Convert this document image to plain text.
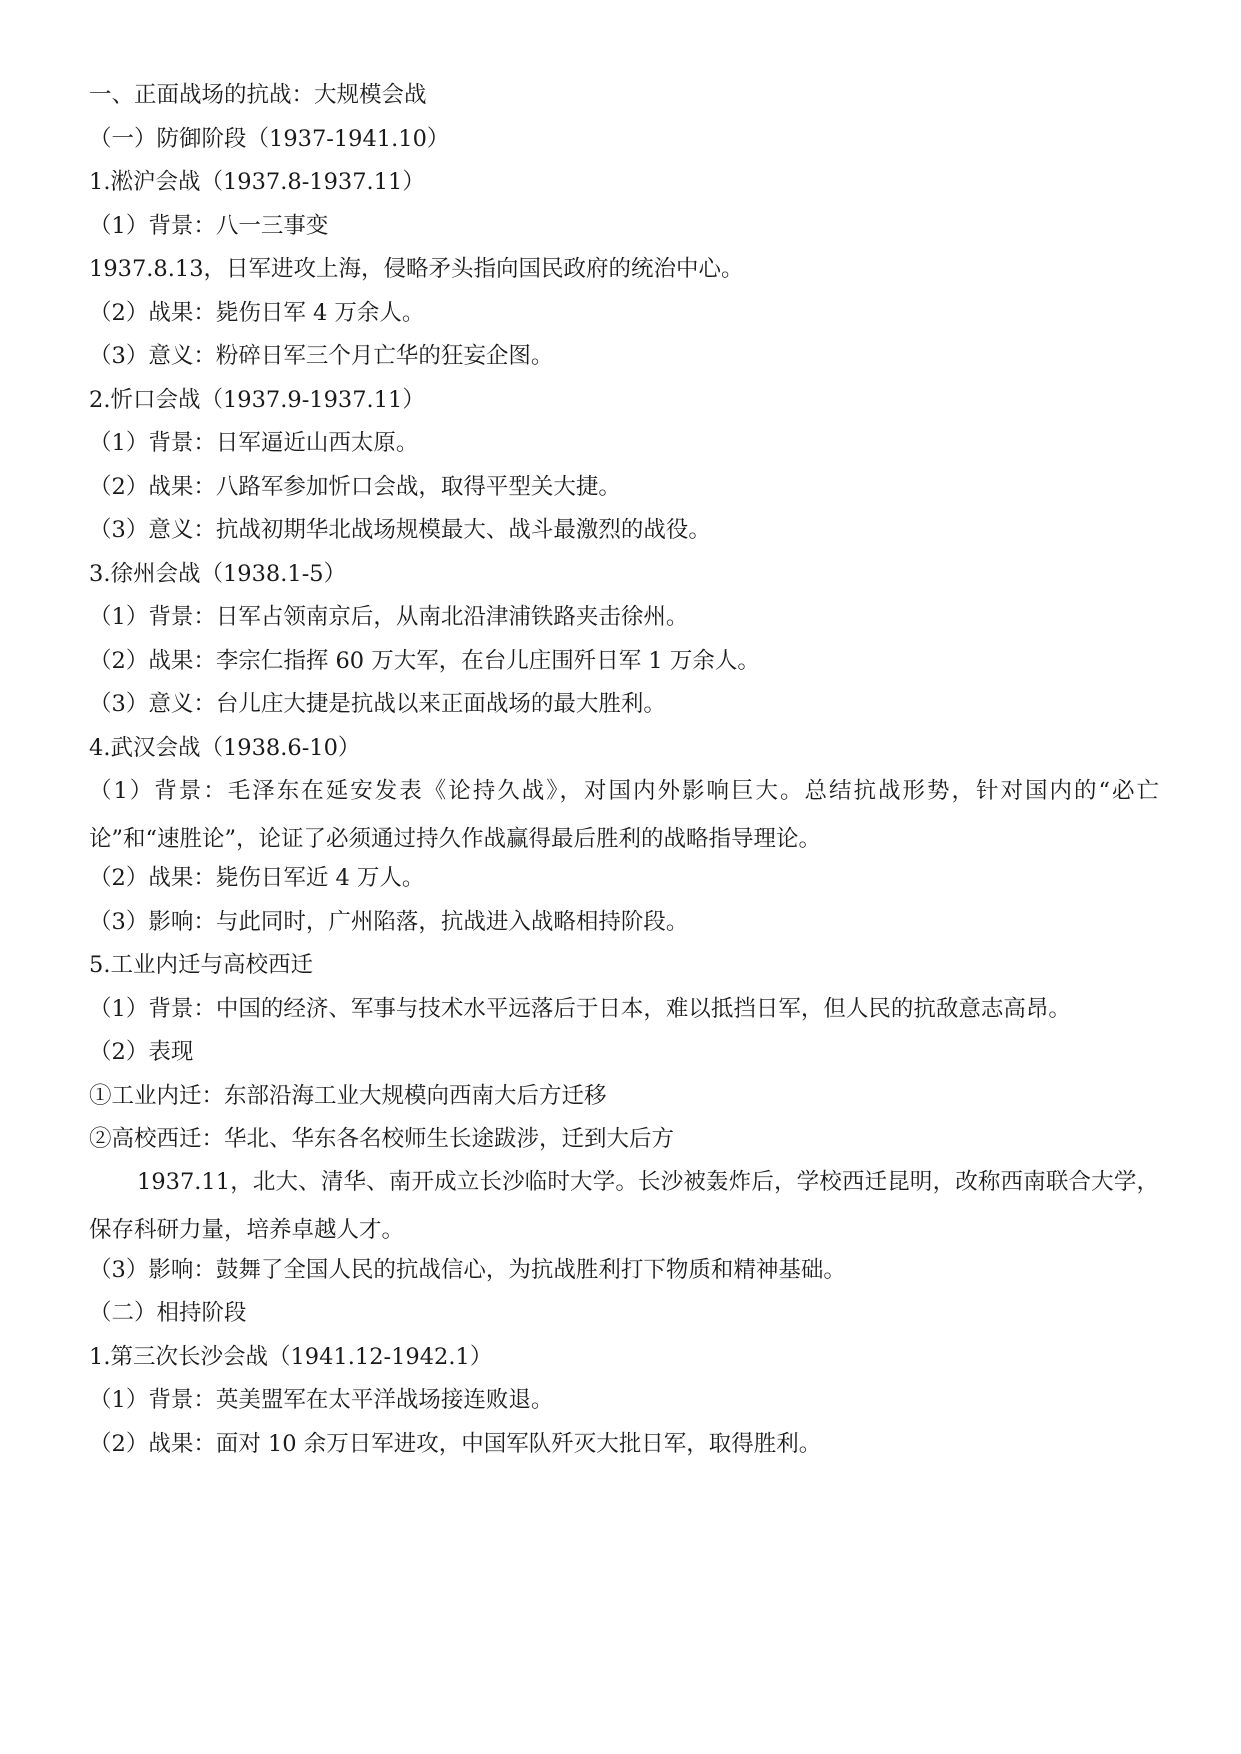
一、正面战场的抗战：大规模会战
（一）防御阶段（1937-1941.10）
1.淞沪会战（1937.8-1937.11）
（1）背景：八一三事变
1937.8.13，日军进攻上海，侵略矛头指向国民政府的统治中心。
（2）战果：毙伤日军 4 万余人。
（3）意义：粉碎日军三个月亡华的狂妄企图。
2.忻口会战（1937.9-1937.11）
（1）背景：日军逼近山西太原。
（2）战果：八路军参加忻口会战，取得平型关大捷。
（3）意义：抗战初期华北战场规模最大、战斗最激烈的战役。
3.徐州会战（1938.1-5）
（1）背景：日军占领南京后，从南北沿津浦铁路夹击徐州。
（2）战果：李宗仁指挥 60 万大军，在台儿庄围歼日军 1 万余人。
（3）意义：台儿庄大捷是抗战以来正面战场的最大胜利。
4.武汉会战（1938.6-10）
（1）背景：毛泽东在延安发表《论持久战》，对国内外影响巨大。总结抗战形势，针对国内的“必亡论”和“速胜论”，论证了必须通过持久作战赢得最后胜利的战略指导理论。
（2）战果：毙伤日军近 4 万人。
（3）影响：与此同时，广州陷落，抗战进入战略相持阶段。
5.工业内迁与高校西迁
（1）背景：中国的经济、军事与技术水平远落后于日本，难以抵挡日军，但人民的抗敌意志高昂。
（2）表现
①工业内迁：东部沿海工业大规模向西南大后方迁移
②高校西迁：华北、华东各名校师生长途跋涉，迁到大后方
1937.11，北大、清华、南开成立长沙临时大学。长沙被轰炸后，学校西迁昆明，改称西南联合大学，保存科研力量，培养卓越人才。
（3）影响：鼓舞了全国人民的抗战信心，为抗战胜利打下物质和精神基础。
（二）相持阶段
1.第三次长沙会战（1941.12-1942.1）
（1）背景：英美盟军在太平洋战场接连败退。
（2）战果：面对 10 余万日军进攻，中国军队歼灭大批日军，取得胜利。
